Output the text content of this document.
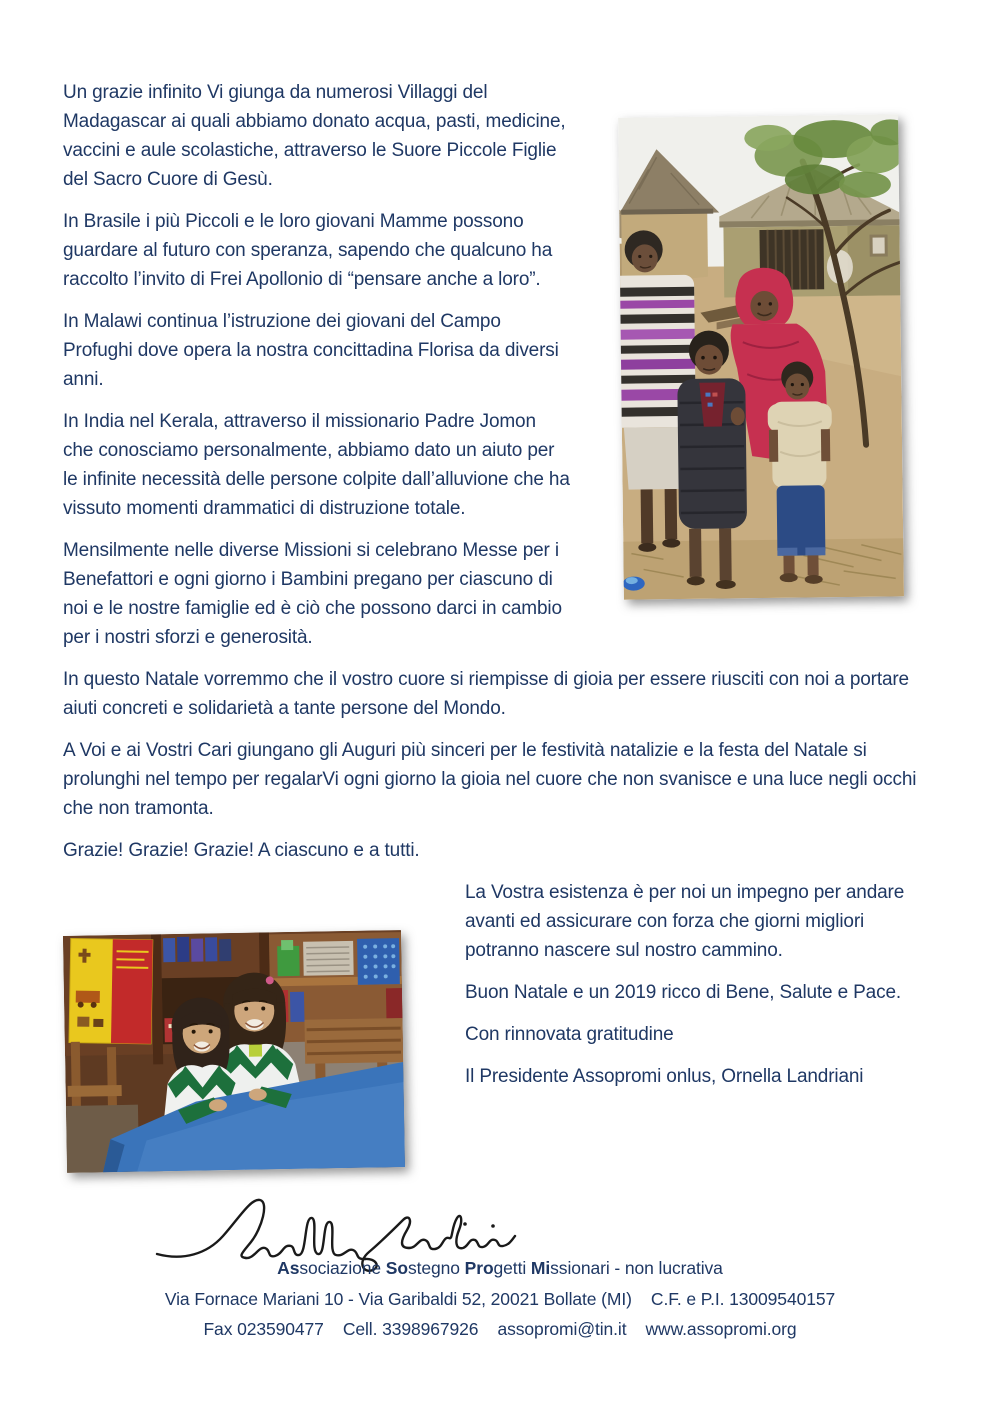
Un grazie infinito Vi giunga da numerosi Villaggi del Madagascar ai quali abbiamo donato acqua, pasti, medicine, vaccini e aule scolastiche, attraverso le Suore Piccole Figlie del Sacro Cuore di Gesù.

In Brasile i più Piccoli e le loro giovani Mamme possono guardare al futuro con speranza, sapendo che qualcuno ha raccolto l’invito di Frei Apollonio di “pensare anche a loro”.

In Malawi continua l’istruzione dei giovani del Campo Profughi dove opera la nostra concittadina Florisa da diversi anni.

In India nel Kerala, attraverso il missionario Padre Jomon che conosciamo personalmente, abbiamo dato un aiuto per le infinite necessità delle persone colpite dall’alluvione che ha vissuto momenti drammatici di distruzione totale.

Mensilmente nelle diverse Missioni si celebrano Messe per i Benefattori e ogni giorno i Bambini pregano per ciascuno di noi e le nostre famiglie ed è ciò che possono darci in cambio per i nostri sforzi e generosità.

In questo Natale vorremmo che il vostro cuore si riempisse di gioia per essere riusciti con noi a portare aiuti concreti e solidarietà a tante persone del Mondo.

A Voi e ai Vostri Cari giungano gli Auguri più sinceri per le festività natalizie e la festa del Natale si prolunghi nel tempo per regalarVi ogni giorno la gioia nel cuore che non svanisce e una luce negli occhi che non tramonta.

Grazie! Grazie! Grazie! A ciascuno e a tutti.

La Vostra esistenza è per noi un impegno per andare avanti ed assicurare con forza che giorni migliori potranno nascere sul nostro cammino.

Buon Natale e un 2019 ricco di Bene, Salute e Pace.

Con rinnovata gratitudine

Il Presidente Assopromi onlus, Ornella Landriani

Associazione Sostegno Progetti Missionari - non lucrativa
Via Fornace Mariani 10 - Via Garibaldi 52, 20021 Bollate (MI)    C.F. e P.I. 13009540157
Fax 023590477    Cell. 3398967926    assopromi@tin.it    www.assopromi.org
